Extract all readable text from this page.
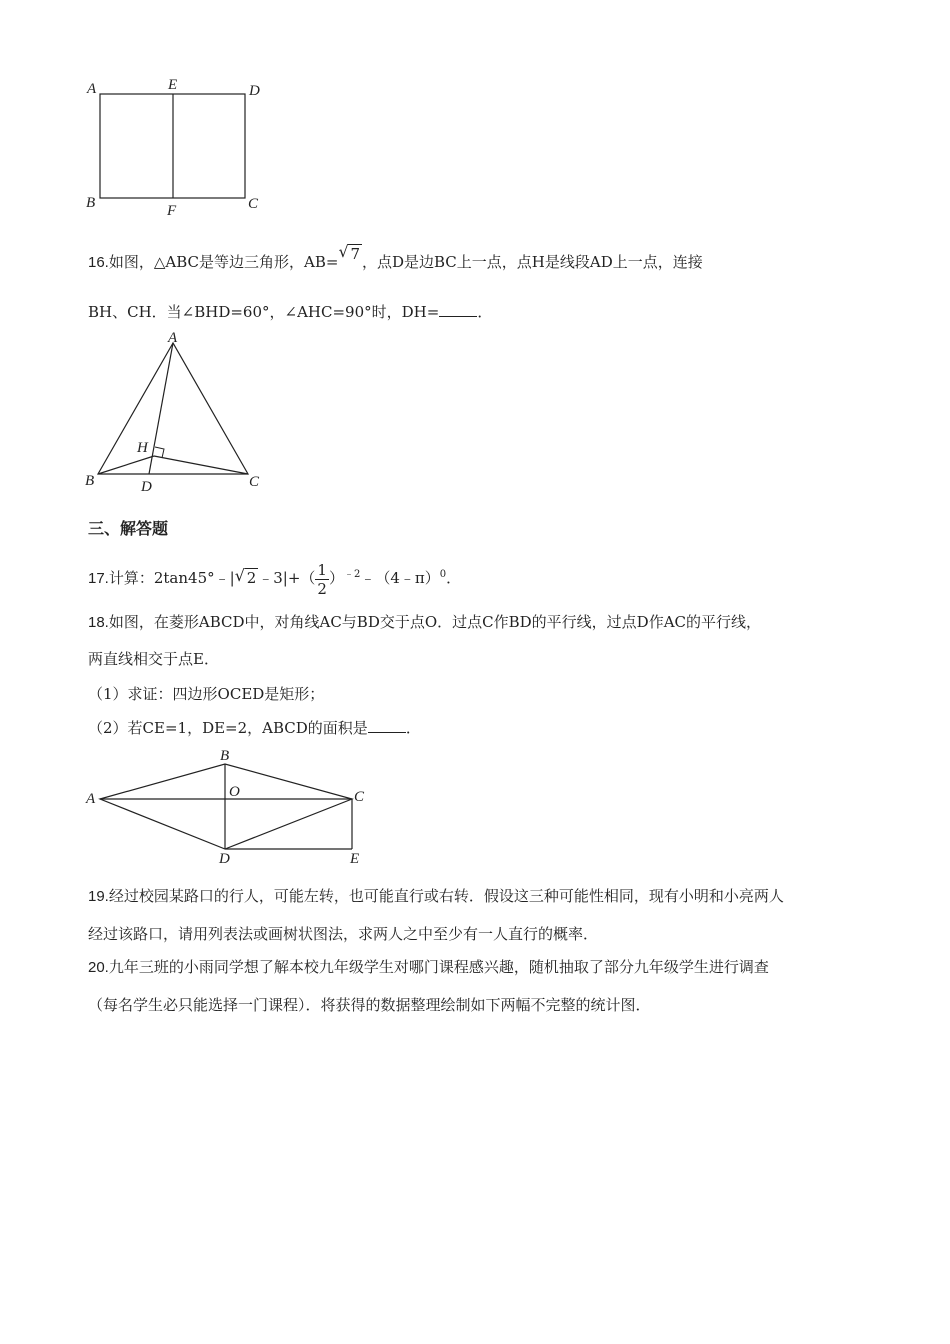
A	E	D
B	F	C
16.如图，△ABC是等边三角形，AB= √ 7 ，点D是边BC上一点，点H是线段AD上一点，连接
BH、CH．当∠BHD=60°，∠AHC=90°时，DH=	．
A
H
B	D	C
三、解答题
17.计算：2tan45°﹣| √ 2 ﹣3|+（ $\frac{1}{2}$ ）$^{﹣2}$﹣（4﹣π）$^0$．
18.如图，在菱形ABCD中，对角线AC与BD交于点O．过点C作BD的平行线，过点D作AC的平行线，
两直线相交于点E．
（1）求证：四边形OCED是矩形；
（2）若CE=1，DE=2，ABCD的面积是	．
A
B
O	C
D	E
19.经过校园某路口的行人，可能左转，也可能直行或右转．假设这三种可能性相同，现有小明和小亮两人
经过该路口，请用列表法或画树状图法，求两人之中至少有一人直行的概率．
20.九年三班的小雨同学想了解本校九年级学生对哪门课程感兴趣，随机抽取了部分九年级学生进行调查
（每名学生必只能选择一门课程）．将获得的数据整理绘制如下两幅不完整的统计图．
